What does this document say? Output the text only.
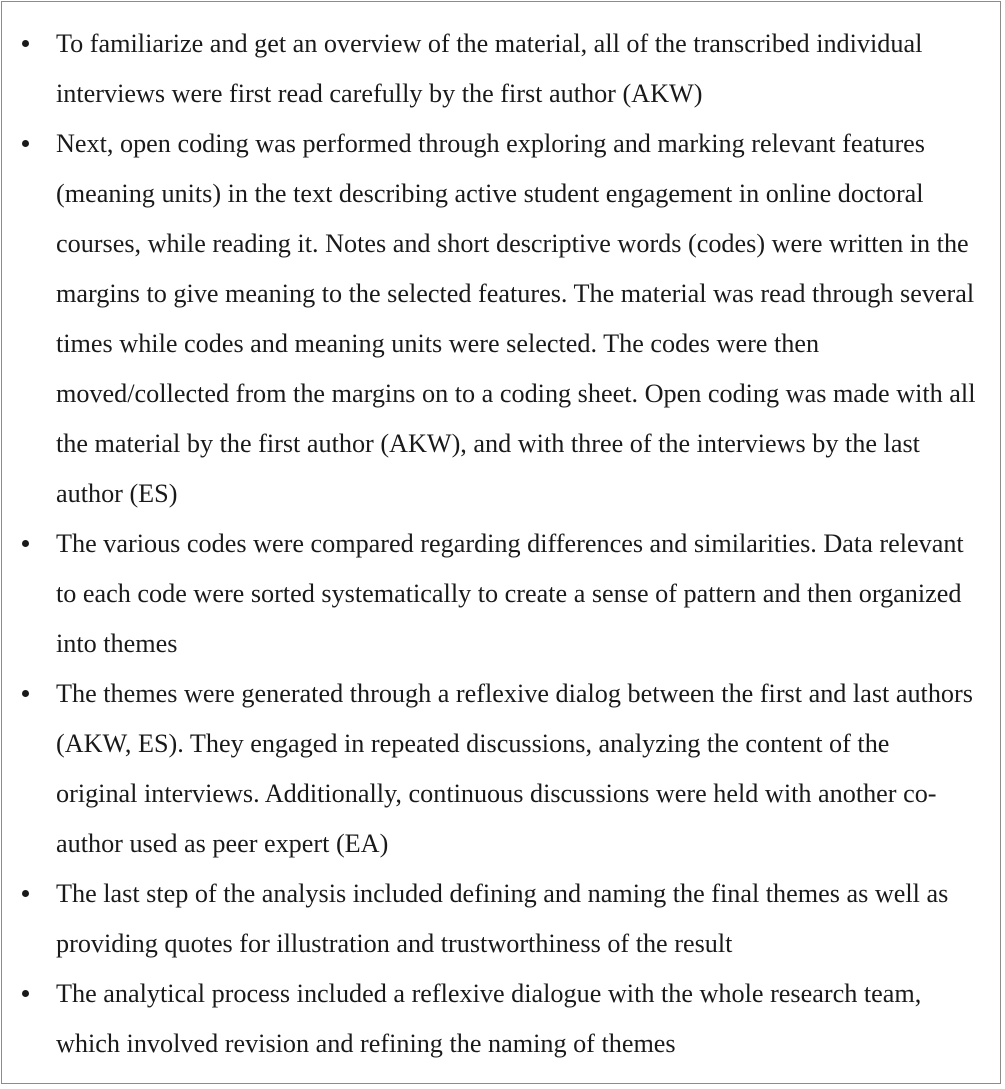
To familiarize and get an overview of the material, all of the transcribed individual interviews were first read carefully by the first author (AKW)
Next, open coding was performed through exploring and marking relevant features (meaning units) in the text describing active student engagement in online doctoral courses, while reading it. Notes and short descriptive words (codes) were written in the margins to give meaning to the selected features. The material was read through several times while codes and meaning units were selected. The codes were then moved/collected from the margins on to a coding sheet. Open coding was made with all the material by the first author (AKW), and with three of the interviews by the last author (ES)
The various codes were compared regarding differences and similarities. Data relevant to each code were sorted systematically to create a sense of pattern and then organized into themes
The themes were generated through a reflexive dialog between the first and last authors (AKW, ES). They engaged in repeated discussions, analyzing the content of the original interviews. Additionally, continuous discussions were held with another co-author used as peer expert (EA)
The last step of the analysis included defining and naming the final themes as well as providing quotes for illustration and trustworthiness of the result
The analytical process included a reflexive dialogue with the whole research team, which involved revision and refining the naming of themes
